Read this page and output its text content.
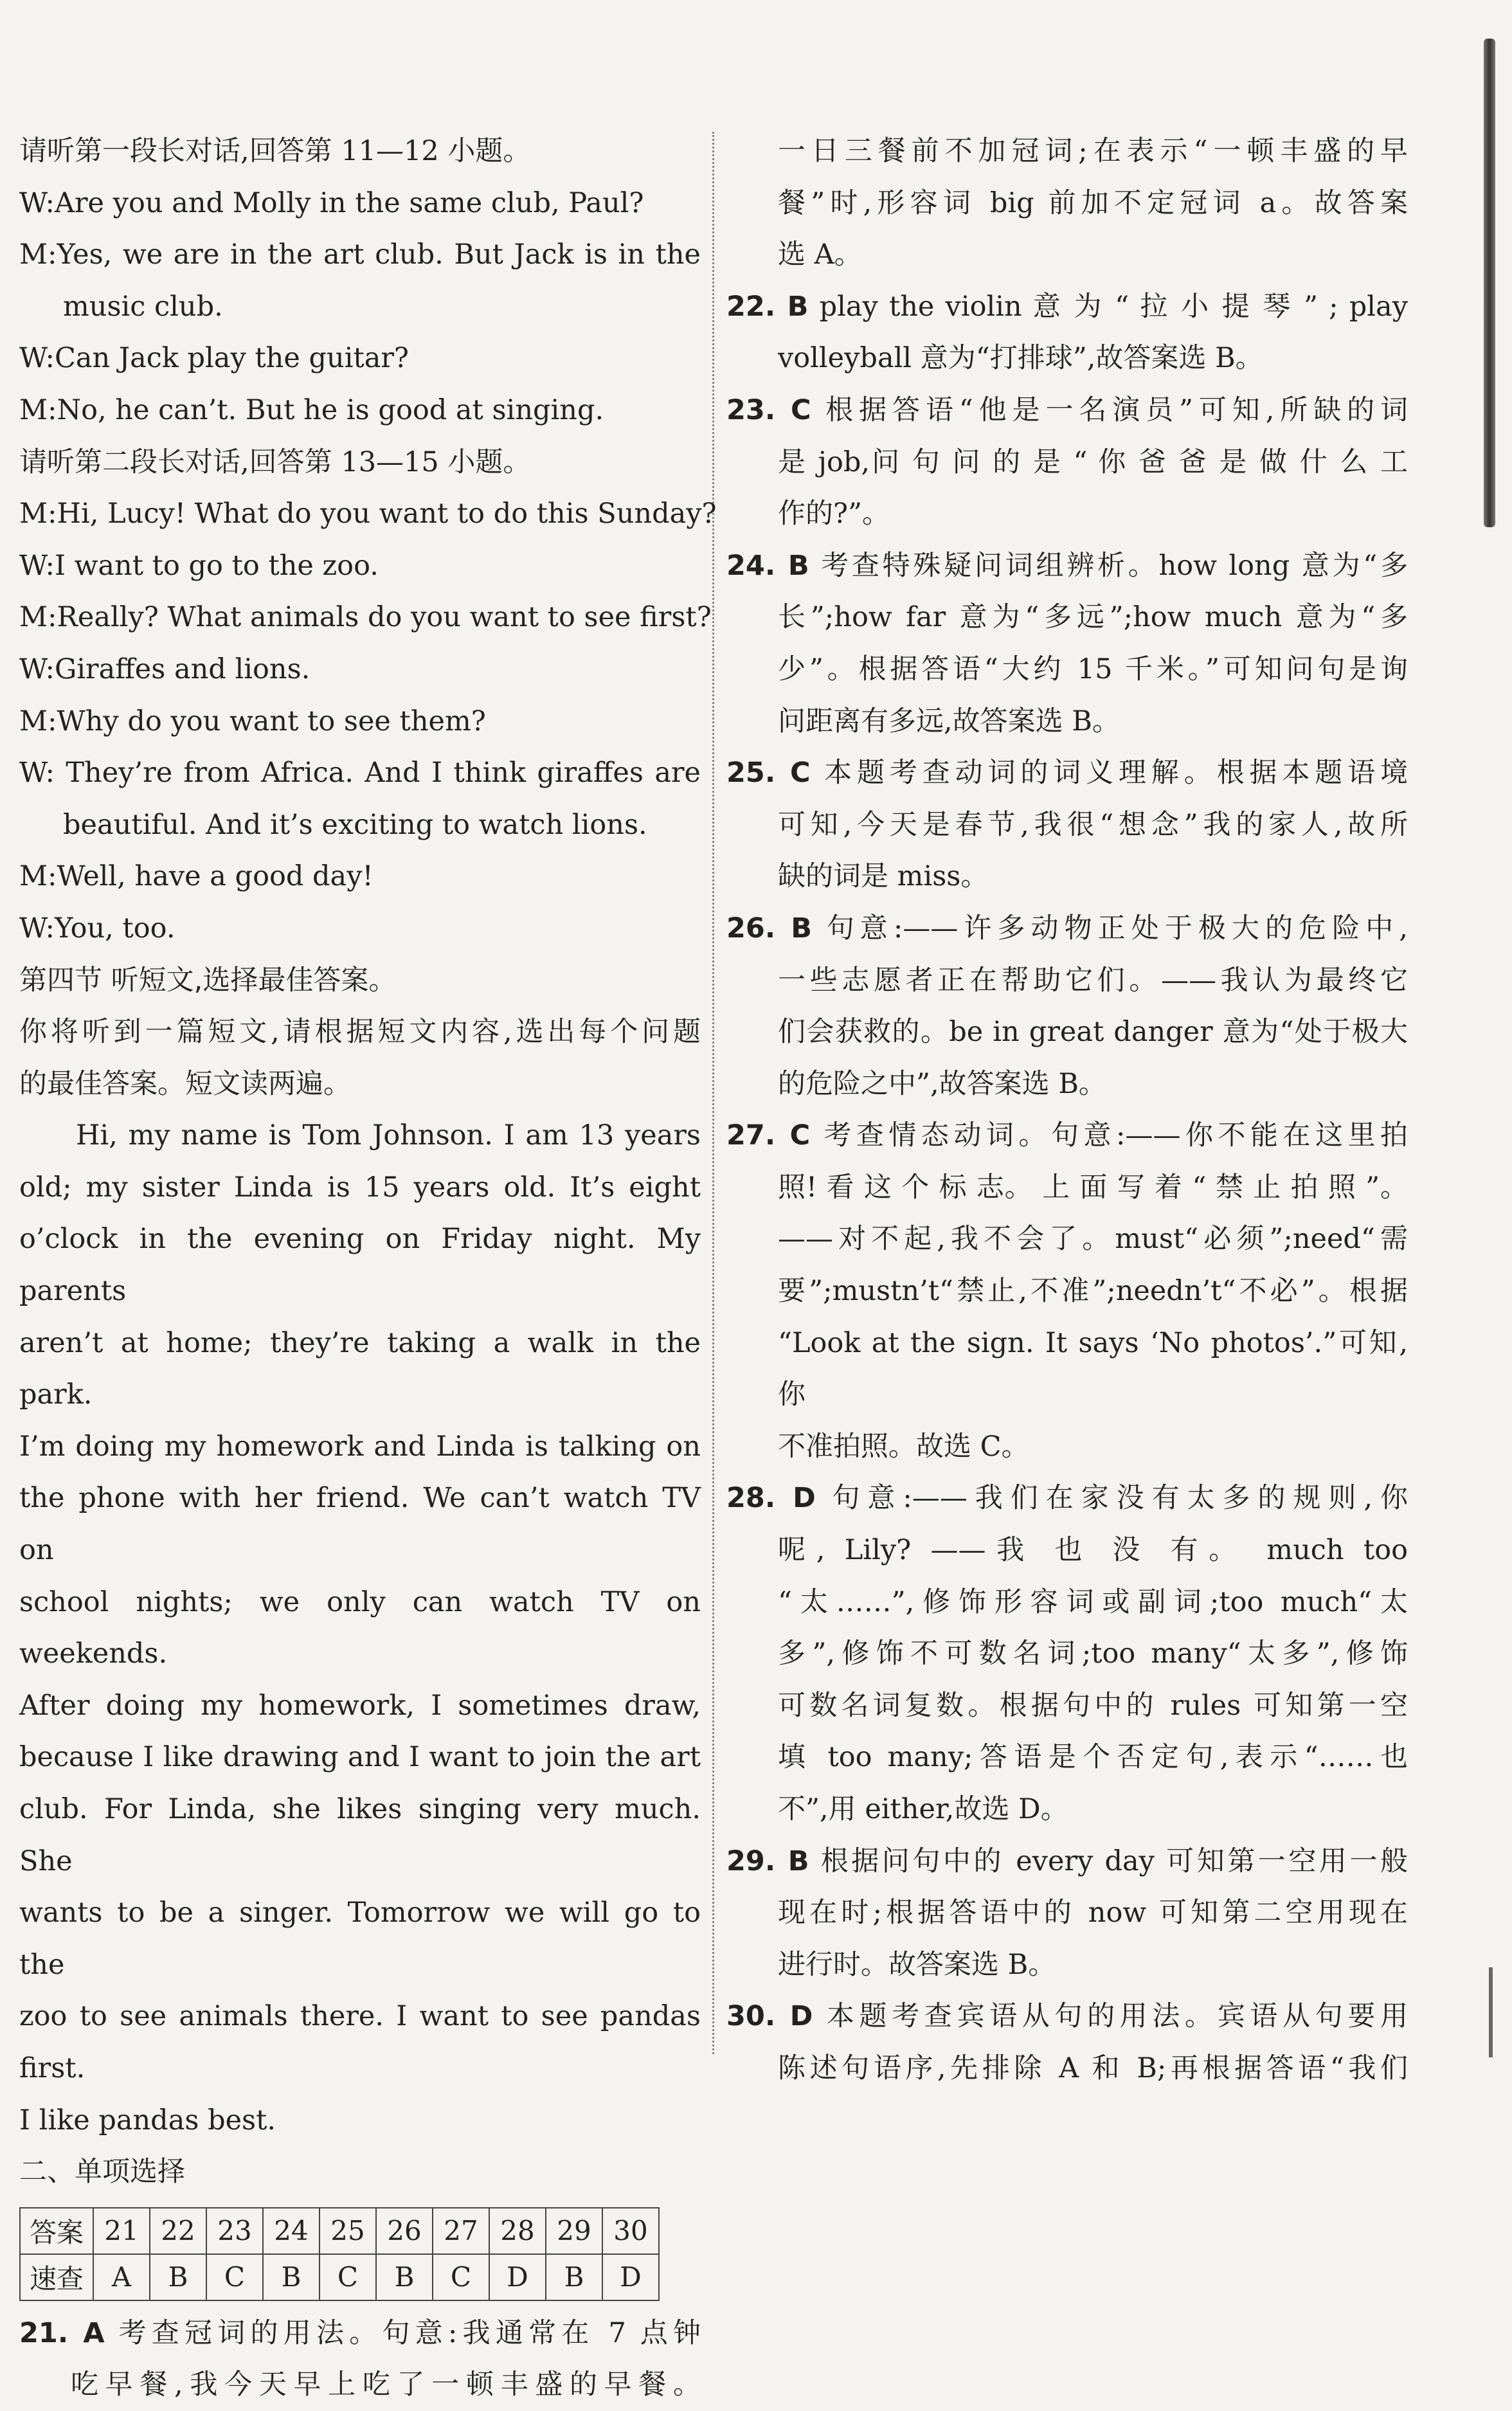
请听第一段长对话,回答第 11—12 小题。
W:Are you and Molly in the same club, Paul?
M:Yes, we are in the art club. But Jack is in the
music club.
W:Can Jack play the guitar?
M:No, he can’t. But he is good at singing.
请听第二段长对话,回答第 13—15 小题。
M:Hi, Lucy! What do you want to do this Sunday?
W:I want to go to the zoo.
M:Really? What animals do you want to see first?
W:Giraffes and lions.
M:Why do you want to see them?
W: They’re from Africa. And I think giraffes are
beautiful. And it’s exciting to watch lions.
M:Well, have a good day!
W:You, too.
第四节 听短文,选择最佳答案。
你将听到一篇短文,请根据短文内容,选出每个问题
的最佳答案。短文读两遍。
Hi, my name is Tom Johnson. I am 13 years
old; my sister Linda is 15 years old. It’s eight
o’clock in the evening on Friday night. My parents
aren’t at home; they’re taking a walk in the park.
I’m doing my homework and Linda is talking on
the phone with her friend. We can’t watch TV on
school nights; we only can watch TV on weekends.
After doing my homework, I sometimes draw,
because I like drawing and I want to join the art
club. For Linda, she likes singing very much. She
wants to be a singer. Tomorrow we will go to the
zoo to see animals there. I want to see pandas first.
I like pandas best.
二、单项选择
答案	21	22	23	24	25	26	27	28	29	30
速查	A	B	C	B	C	B	C	D	B	D
21. A 考查冠词的用法。句意:我通常在 7 点钟
吃早餐,我今天早上吃了一顿丰盛的早餐。
一日三餐前不加冠词;在表示“一顿丰盛的早
餐”时,形容词 big 前加不定冠词 a。故答案
选 A。
22. B play the violin 意 为 “ 拉 小 提 琴 ” ; play
volleyball 意为“打排球”,故答案选 B。
23. C 根据答语“他是一名演员”可知,所缺的词
是 job,问 句 问 的 是 “ 你 爸 爸 是 做 什 么 工
作的?”。
24. B 考查特殊疑问词组辨析。how long 意为“多
长”;how far 意为“多远”;how much 意为“多
少”。根据答语“大约 15 千米。”可知问句是询
问距离有多远,故答案选 B。
25. C 本题考查动词的词义理解。根据本题语境
可知,今天是春节,我很“想念”我的家人,故所
缺的词是 miss。
26. B 句意:——许多动物正处于极大的危险中,
一些志愿者正在帮助它们。——我认为最终它
们会获救的。be in great danger 意为“处于极大
的危险之中”,故答案选 B。
27. C 考查情态动词。句意:——你不能在这里拍
照! 看 这 个 标 志。 上 面 写 着 “ 禁 止 拍 照 ”。
——对不起,我不会了。must“必须”;need“需
要”;mustn’t“禁止,不准”;needn’t“不必”。根据
“Look at the sign. It says ‘No photos’.”可知,你
不准拍照。故选 C。
28. D 句意:——我们在家没有太多的规则,你
呢, Lily? ——我 也 没 有。 much too
“太……”,修饰形容词或副词;too much“太
多”,修饰不可数名词;too many“太多”,修饰
可数名词复数。根据句中的 rules 可知第一空
填 too many;答语是个否定句,表示“……也
不”,用 either,故选 D。
29. B 根据问句中的 every day 可知第一空用一般
现在时;根据答语中的 now 可知第二空用现在
进行时。故答案选 B。
30. D 本题考查宾语从句的用法。宾语从句要用
陈述句语序,先排除 A 和 B;再根据答语“我们
